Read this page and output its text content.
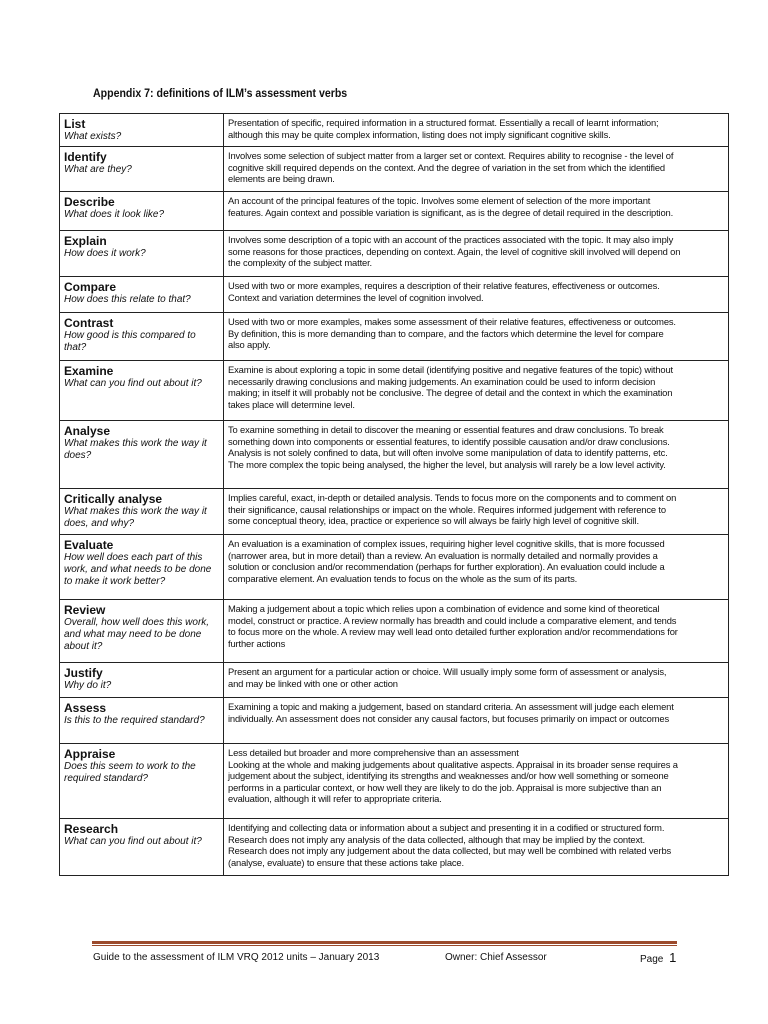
Appendix 7: definitions of ILM’s assessment verbs
List
What exists?	Presentation of specific, required information in a structured format. Essentially a recall of learnt information;
although this may be quite complex information, listing does not imply significant cognitive skills.

Identify
What are they?	Involves some selection of subject matter from a larger set or context. Requires ability to recognise - the level of
cognitive skill required depends on the context. And the degree of variation in the set from which the identified
elements are being drawn.

Describe
What does it look like?	An account of the principal features of the topic. Involves some element of selection of the more important
features. Again context and possible variation is significant, as is the degree of detail required in the description.

Explain
How does it work?	Involves some description of a topic with an account of the practices associated with the topic. It may also imply
some reasons for those practices, depending on context. Again, the level of cognitive skill involved will depend on
the complexity of the subject matter.

Compare
How does this relate to that?	Used with two or more examples, requires a description of their relative features, effectiveness or outcomes.
Context and variation determines the level of cognition involved.

Contrast
How good is this compared to that?	Used with two or more examples, makes some assessment of their relative features, effectiveness or outcomes.
By definition, this is more demanding than to compare, and the factors which determine the level for compare
also apply.

Examine
What can you find out about it?	Examine is about exploring a topic in some detail (identifying positive and negative features of the topic) without
necessarily drawing conclusions and making judgements. An examination could be used to inform decision
making; in itself it will probably not be conclusive. The degree of detail and the context in which the examination
takes place will determine level.

Analyse
What makes this work the way it does?	To examine something in detail to discover the meaning or essential features and draw conclusions. To break
something down into components or essential features, to identify possible causation and/or draw conclusions.
Analysis is not solely confined to data, but will often involve some manipulation of data to identify patterns, etc.
The more complex the topic being analysed, the higher the level, but analysis will rarely be a low level activity.

Critically analyse
What makes this work the way it does, and why?	Implies careful, exact, in-depth or detailed analysis. Tends to focus more on the components and to comment on
their significance, causal relationships or impact on the whole. Requires informed judgement with reference to
some conceptual theory, idea, practice or experience so will always be fairly high level of cognitive skill.

Evaluate
How well does each part of this work, and what needs to be done to make it work better?	An evaluation is a examination of complex issues, requiring higher level cognitive skills, that is more focussed
(narrower area, but in more detail) than a review. An evaluation is normally detailed and normally provides a
solution or conclusion and/or recommendation (perhaps for further exploration). An evaluation could include a
comparative element. An evaluation tends to focus on the whole as the sum of its parts.

Review
Overall, how well does this work, and what may need to be done about it?	Making a judgement about a topic which relies upon a combination of evidence and some kind of theoretical
model, construct or practice. A review normally has breadth and could include a comparative element, and tends
to focus more on the whole. A review may well lead onto detailed further exploration and/or recommendations for
further actions

Justify
Why do it?	Present an argument for a particular action or choice. Will usually imply some form of assessment or analysis,
and may be linked with one or other action

Assess
Is this to the required standard?	Examining a topic and making a judgement, based on standard criteria. An assessment will judge each element
individually. An assessment does not consider any causal factors, but focuses primarily on impact or outcomes

Appraise
Does this seem to work to the required standard?	Less detailed but broader and more comprehensive than an assessment
Looking at the whole and making judgements about qualitative aspects. Appraisal in its broader sense requires a
judgement about the subject, identifying its strengths and weaknesses and/or how well something or someone
performs in a particular context, or how well they are likely to do the job. Appraisal is more subjective than an
evaluation, although it will refer to appropriate criteria.

Research
What can you find out about it?	Identifying and collecting data or information about a subject and presenting it in a codified or structured form.
Research does not imply any analysis of the data collected, although that may be implied by the context.
Research does not imply any judgement about the data collected, but may well be combined with related verbs
(analyse, evaluate) to ensure that these actions take place.
Guide to the assessment of ILM VRQ 2012 units – January 2013	Owner: Chief Assessor	Page 1
